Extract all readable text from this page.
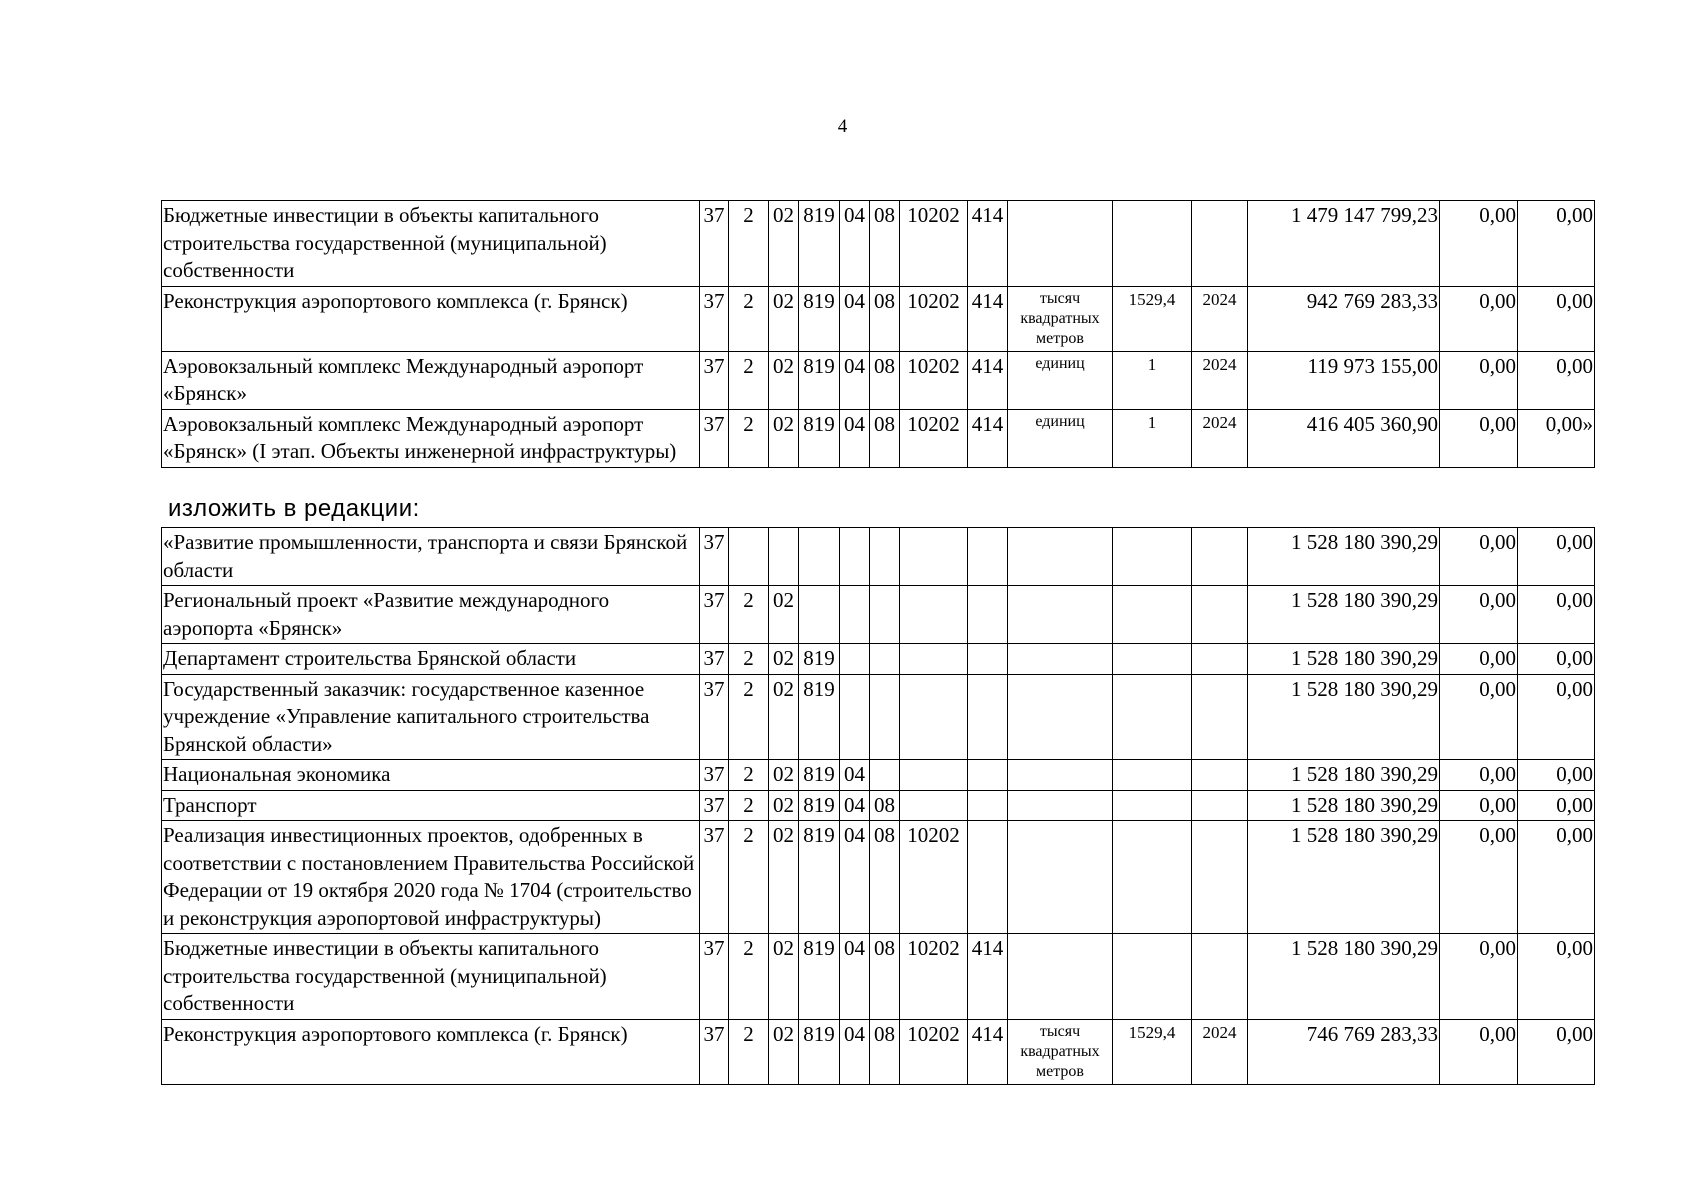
4
Бюджетные инвестиции в объекты капитального строительства государственной (муниципальной) собственности	37	2	02	819	04	08	10202	414				1 479 147 799,23	0,00	0,00
Реконструкция аэропортового комплекса (г. Брянск)	37	2	02	819	04	08	10202	414	тысяч квадратных метров	1529,4	2024	942 769 283,33	0,00	0,00
Аэровокзальный комплекс Международный аэропорт «Брянск»	37	2	02	819	04	08	10202	414	единиц	1	2024	119 973 155,00	0,00	0,00
Аэровокзальный комплекс Международный аэропорт «Брянск» (I этап. Объекты инженерной инфраструктуры)	37	2	02	819	04	08	10202	414	единиц	1	2024	416 405 360,90	0,00	0,00»
изложить в редакции:
«Развитие промышленности, транспорта и связи Брянской области	37											1 528 180 390,29	0,00	0,00
Региональный проект «Развитие международного аэропорта «Брянск»	37	2	02									1 528 180 390,29	0,00	0,00
Департамент строительства Брянской области	37	2	02	819								1 528 180 390,29	0,00	0,00
Государственный заказчик: государственное казенное учреждение «Управление капитального строительства Брянской области»	37	2	02	819								1 528 180 390,29	0,00	0,00
Национальная экономика	37	2	02	819	04							1 528 180 390,29	0,00	0,00
Транспорт	37	2	02	819	04	08						1 528 180 390,29	0,00	0,00
Реализация инвестиционных проектов, одобренных в соответствии с постановлением Правительства Российской Федерации от 19 октября 2020 года № 1704 (строительство и реконструкция аэропортовой инфраструктуры)	37	2	02	819	04	08	10202					1 528 180 390,29	0,00	0,00
Бюджетные инвестиции в объекты капитального строительства государственной (муниципальной) собственности	37	2	02	819	04	08	10202	414				1 528 180 390,29	0,00	0,00
Реконструкция аэропортового комплекса (г. Брянск)	37	2	02	819	04	08	10202	414	тысяч квадратных метров	1529,4	2024	746 769 283,33	0,00	0,00
